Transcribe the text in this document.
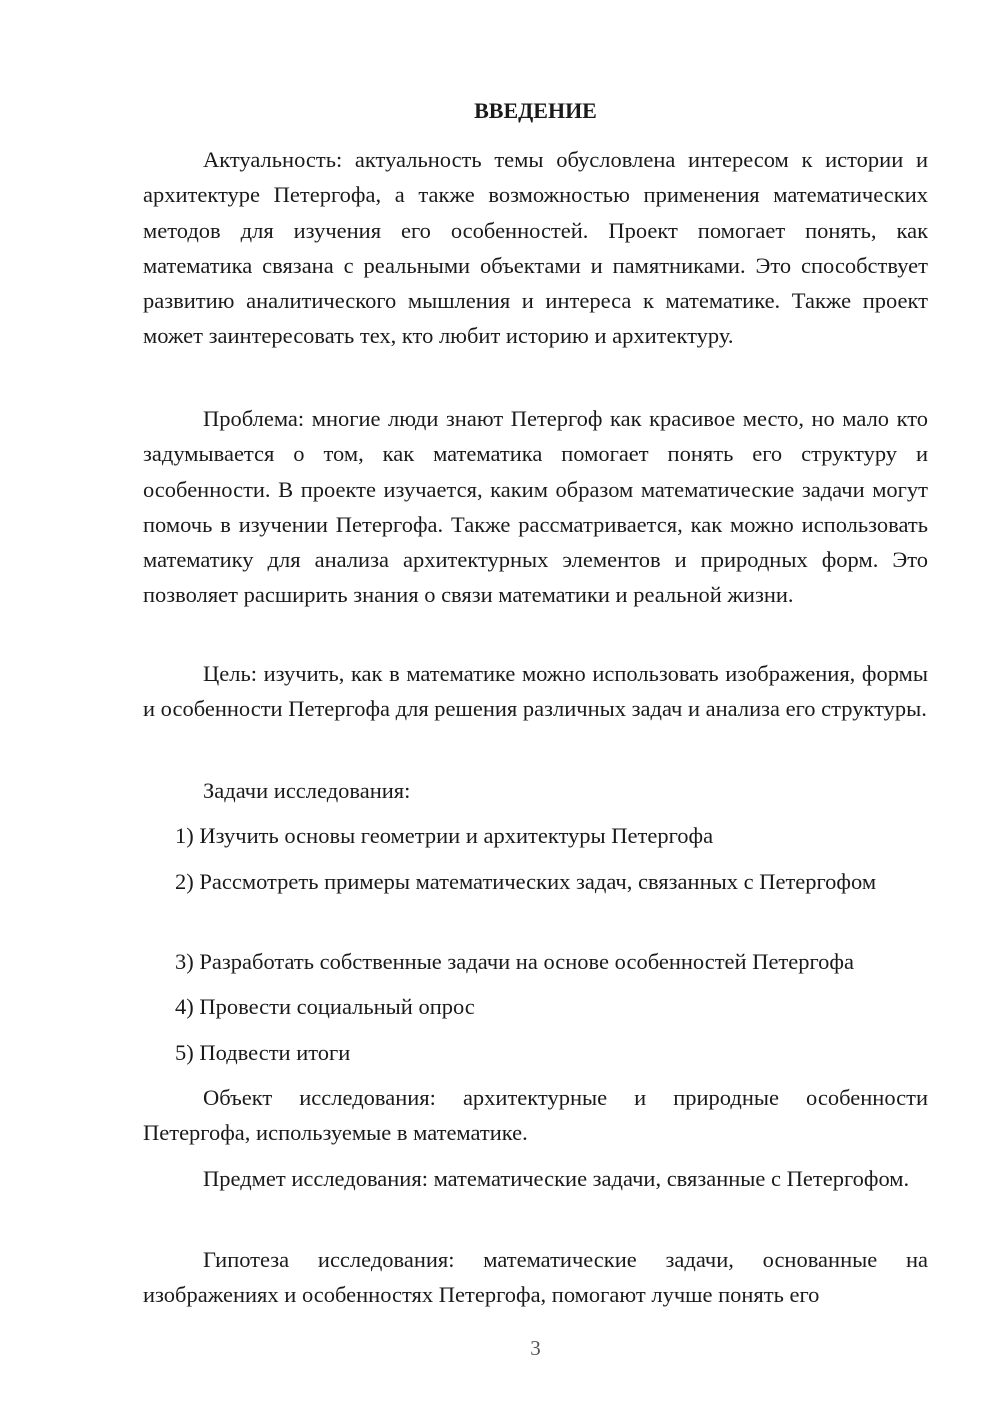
ВВЕДЕНИЕ

Актуальность: актуальность темы обусловлена интересом к истории и архитектуре Петергофа, а также возможностью применения математических методов для изучения его особенностей. Проект помогает понять, как математика связана с реальными объектами и памятниками. Это способствует развитию аналитического мышления и интереса к математике. Также проект может заинтересовать тех, кто любит историю и архитектуру.

Проблема: многие люди знают Петергоф как красивое место, но мало кто задумывается о том, как математика помогает понять его структуру и особенности. В проекте изучается, каким образом математические задачи могут помочь в изучении Петергофа. Также рассматривается, как можно использовать математику для анализа архитектурных элементов и природных форм. Это позволяет расширить знания о связи математики и реальной жизни.

Цель: изучить, как в математике можно использовать изображения, формы и особенности Петергофа для решения различных задач и анализа его структуры.

Задачи исследования:

1) Изучить основы геометрии и архитектуры Петергофа

2) Рассмотреть примеры математических задач, связанных с Петергофом

3) Разработать собственные задачи на основе особенностей Петергофа

4) Провести социальный опрос

5) Подвести итоги

Объект исследования: архитектурные и природные особенности Петергофа, используемые в математике.

Предмет исследования: математические задачи, связанные с Петергофом.

Гипотеза исследования: математические задачи, основанные на изображениях и особенностях Петергофа, помогают лучше понять его

3
